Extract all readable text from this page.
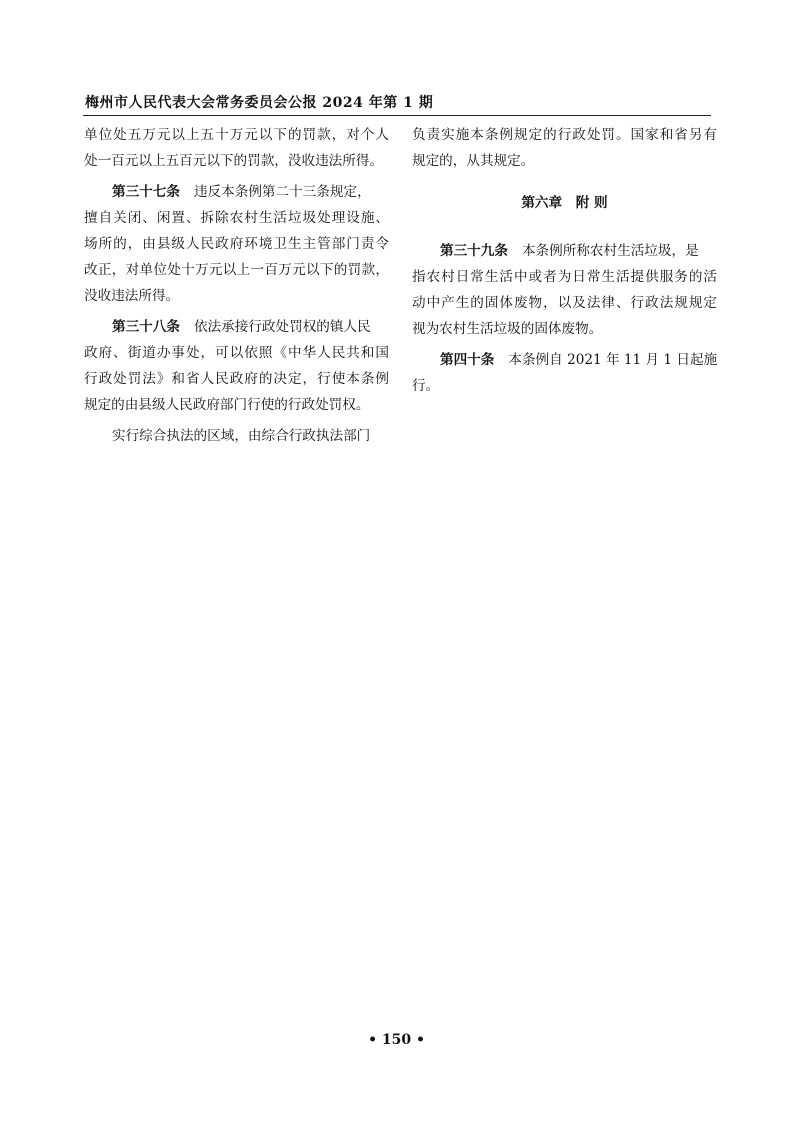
梅州市人民代表大会常务委员会公报 2024 年第 1 期
单位处五万元以上五十万元以下的罚款，对个人
处一百元以上五百元以下的罚款，没收违法所得。
第三十七条 违反本条例第二十三条规定，
擅自关闭、闲置、拆除农村生活垃圾处理设施、
场所的，由县级人民政府环境卫生主管部门责令
改正，对单位处十万元以上一百万元以下的罚款，
没收违法所得。
第三十八条 依法承接行政处罚权的镇人民
政府、街道办事处，可以依照《中华人民共和国
行政处罚法》和省人民政府的决定，行使本条例
规定的由县级人民政府部门行使的行政处罚权。
实行综合执法的区域，由综合行政执法部门
负责实施本条例规定的行政处罚。国家和省另有
规定的，从其规定。
第六章　附 则
第三十九条 本条例所称农村生活垃圾，是
指农村日常生活中或者为日常生活提供服务的活
动中产生的固体废物，以及法律、行政法规规定
视为农村生活垃圾的固体废物。
第四十条 本条例自 2021 年 11 月 1 日起施
行。
• 150 •
